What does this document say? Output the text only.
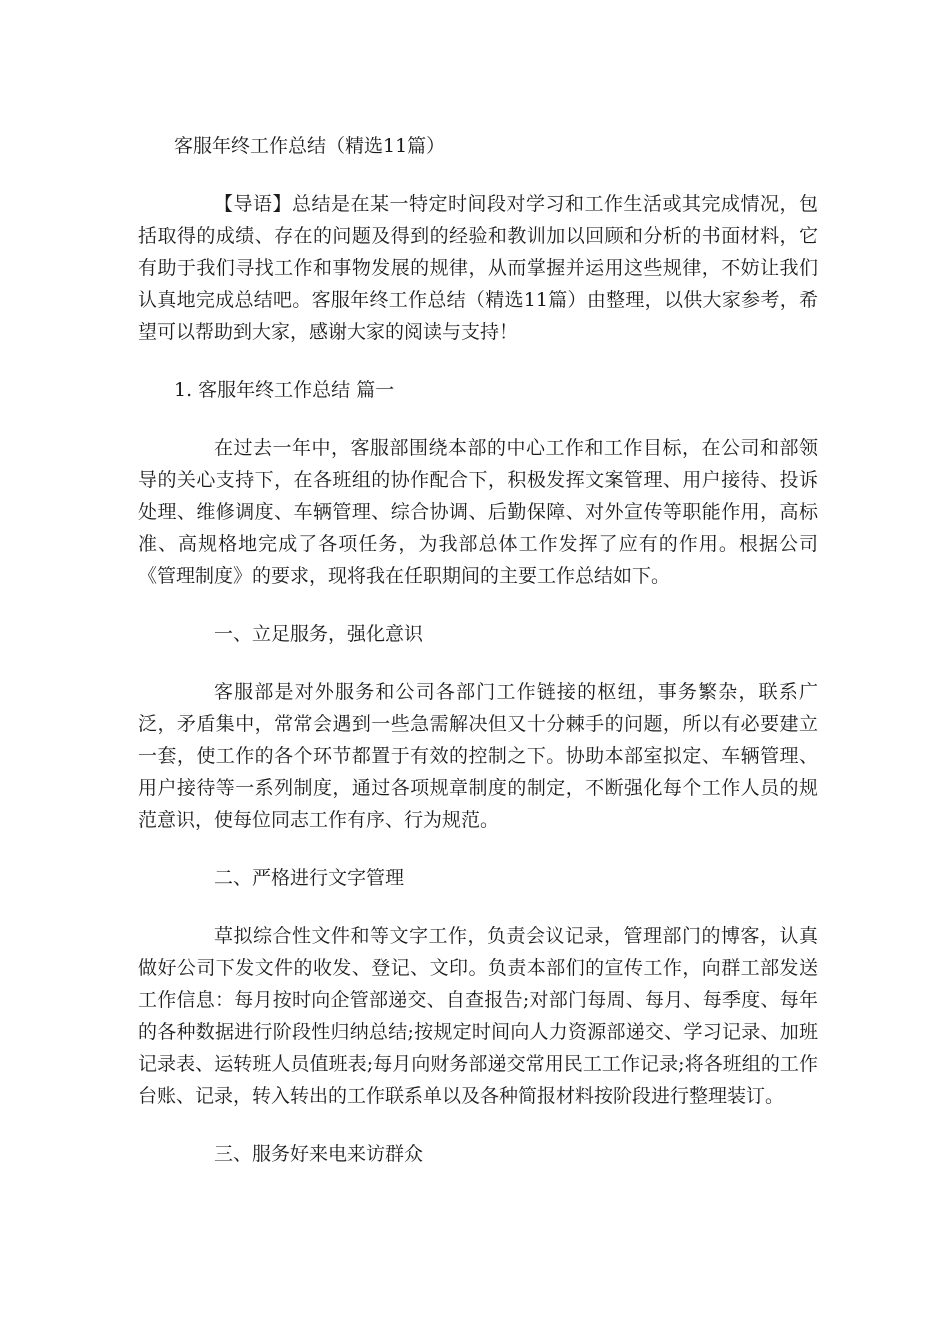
客服年终工作总结（精选11篇）

【导语】总结是在某一特定时间段对学习和工作生活或其完成情况，包括取得的成绩、存在的问题及得到的经验和教训加以回顾和分析的书面材料，它有助于我们寻找工作和事物发展的规律，从而掌握并运用这些规律，不妨让我们认真地完成总结吧。客服年终工作总结（精选11篇）由整理，以供大家参考，希望可以帮助到大家，感谢大家的阅读与支持！

1. 客服年终工作总结 篇一

在过去一年中，客服部围绕本部的中心工作和工作目标，在公司和部领导的关心支持下，在各班组的协作配合下，积极发挥文案管理、用户接待、投诉处理、维修调度、车辆管理、综合协调、后勤保障、对外宣传等职能作用，高标准、高规格地完成了各项任务，为我部总体工作发挥了应有的作用。根据公司《管理制度》的要求，现将我在任职期间的主要工作总结如下。

一、立足服务，强化意识

客服部是对外服务和公司各部门工作链接的枢纽，事务繁杂，联系广泛，矛盾集中，常常会遇到一些急需解决但又十分棘手的问题，所以有必要建立一套，使工作的各个环节都置于有效的控制之下。协助本部室拟定、车辆管理、用户接待等一系列制度，通过各项规章制度的制定，不断强化每个工作人员的规范意识，使每位同志工作有序、行为规范。

二、严格进行文字管理

草拟综合性文件和等文字工作，负责会议记录，管理部门的博客，认真做好公司下发文件的收发、登记、文印。负责本部们的宣传工作，向群工部发送工作信息：每月按时向企管部递交、自查报告;对部门每周、每月、每季度、每年的各种数据进行阶段性归纳总结;按规定时间向人力资源部递交、学习记录、加班记录表、运转班人员值班表;每月向财务部递交常用民工工作记录;将各班组的工作台账、记录，转入转出的工作联系单以及各种简报材料按阶段进行整理装订。

三、服务好来电来访群众
